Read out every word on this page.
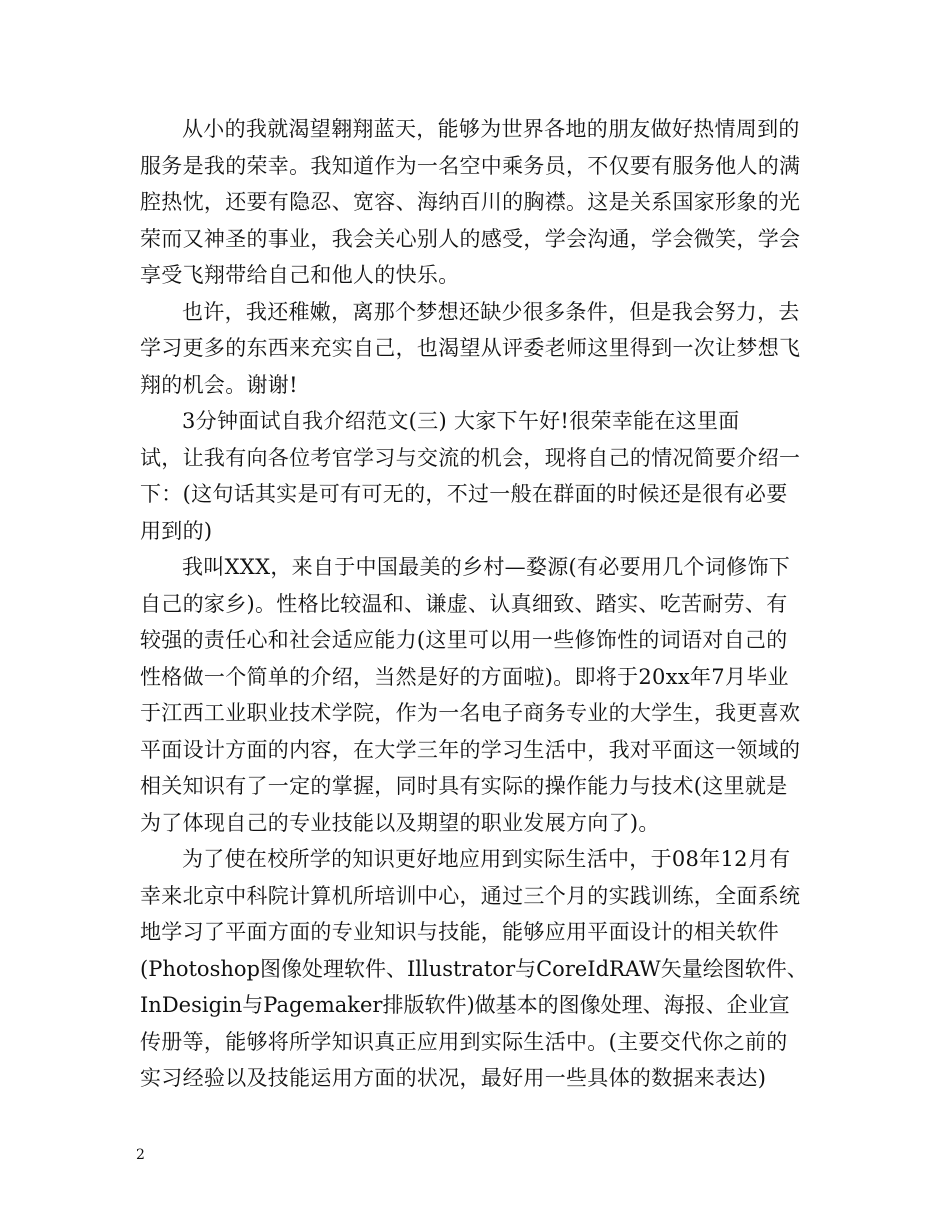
从小的我就渴望翱翔蓝天，能够为世界各地的朋友做好热情周到的
服务是我的荣幸。我知道作为一名空中乘务员，不仅要有服务他人的满
腔热忱，还要有隐忍、宽容、海纳百川的胸襟。这是关系国家形象的光
荣而又神圣的事业，我会关心别人的感受，学会沟通，学会微笑，学会
享受飞翔带给自己和他人的快乐。
也许，我还稚嫩，离那个梦想还缺少很多条件，但是我会努力，去
学习更多的东西来充实自己，也渴望从评委老师这里得到一次让梦想飞
翔的机会。谢谢!
3分钟面试自我介绍范文(三) 大家下午好!很荣幸能在这里面
试，让我有向各位考官学习与交流的机会，现将自己的情况简要介绍一
下：(这句话其实是可有可无的，不过一般在群面的时候还是很有必要
用到的)
我叫XXX，来自于中国最美的乡村—婺源(有必要用几个词修饰下
自己的家乡)。性格比较温和、谦虚、认真细致、踏实、吃苦耐劳、有
较强的责任心和社会适应能力(这里可以用一些修饰性的词语对自己的
性格做一个简单的介绍，当然是好的方面啦)。即将于20xx年7月毕业
于江西工业职业技术学院，作为一名电子商务专业的大学生，我更喜欢
平面设计方面的内容，在大学三年的学习生活中，我对平面这一领域的
相关知识有了一定的掌握，同时具有实际的操作能力与技术(这里就是
为了体现自己的专业技能以及期望的职业发展方向了)。
为了使在校所学的知识更好地应用到实际生活中，于08年12月有
幸来北京中科院计算机所培训中心，通过三个月的实践训练，全面系统
地学习了平面方面的专业知识与技能，能够应用平面设计的相关软件
(Photoshop图像处理软件、Illustrator与CoreIdRAW矢量绘图软件、
InDesigin与Pagemaker排版软件)做基本的图像处理、海报、企业宣
传册等，能够将所学知识真正应用到实际生活中。(主要交代你之前的
实习经验以及技能运用方面的状况，最好用一些具体的数据来表达)
2
